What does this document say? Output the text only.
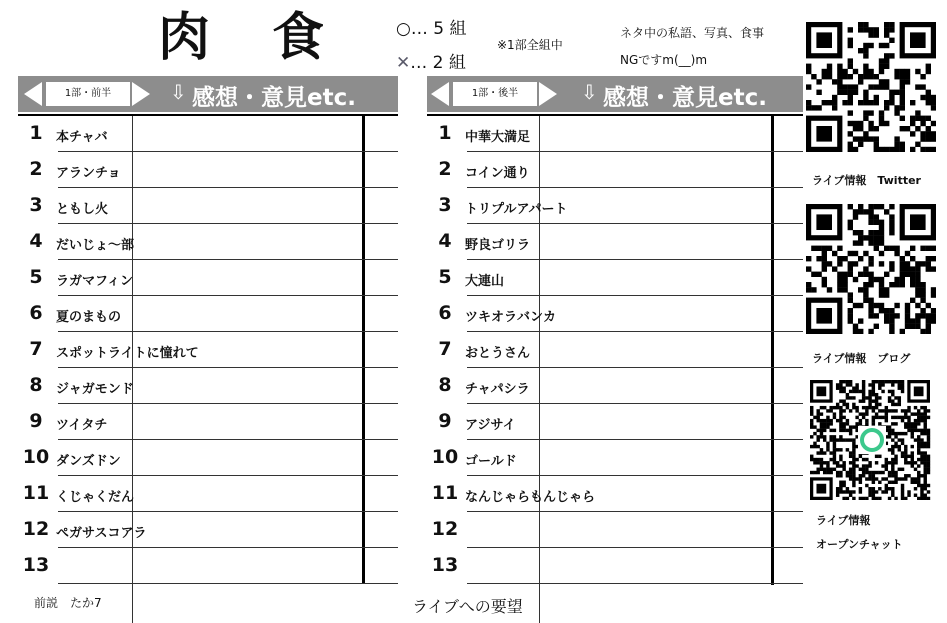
肉 食	○… 5 組
✕… 2 組
※1部全組中
ネタ中の私語、写真、食事
NGですm(__)m
1部・前半	⇩ 感想・意見etc.
1	本チャバ
2	アランチョ
3	ともし火
4	だいじょ～部
5	ラガマフィン
6	夏のまもの
7	スポットライトに憧れて
8	ジャガモンド
9	ツイタチ
10 ダンズドン
11 くじゃくだん
12 ペガサスコアラ
13
1部・後半	⇩ 感想・意見etc.
1	中華大満足
2	コイン通り
3	トリプルアパート
4	野良ゴリラ
5	大連山
6	ツキオラバンカ
7	おとうさん
8	チャパシラ
9	アジサイ
10 ゴールド
11 なんじゃらもんじゃら
12
13
前説　たか7	ライブへの要望
ライブ情報　Twitter
ライブ情報　ブログ
ライブ情報
オープンチャット
